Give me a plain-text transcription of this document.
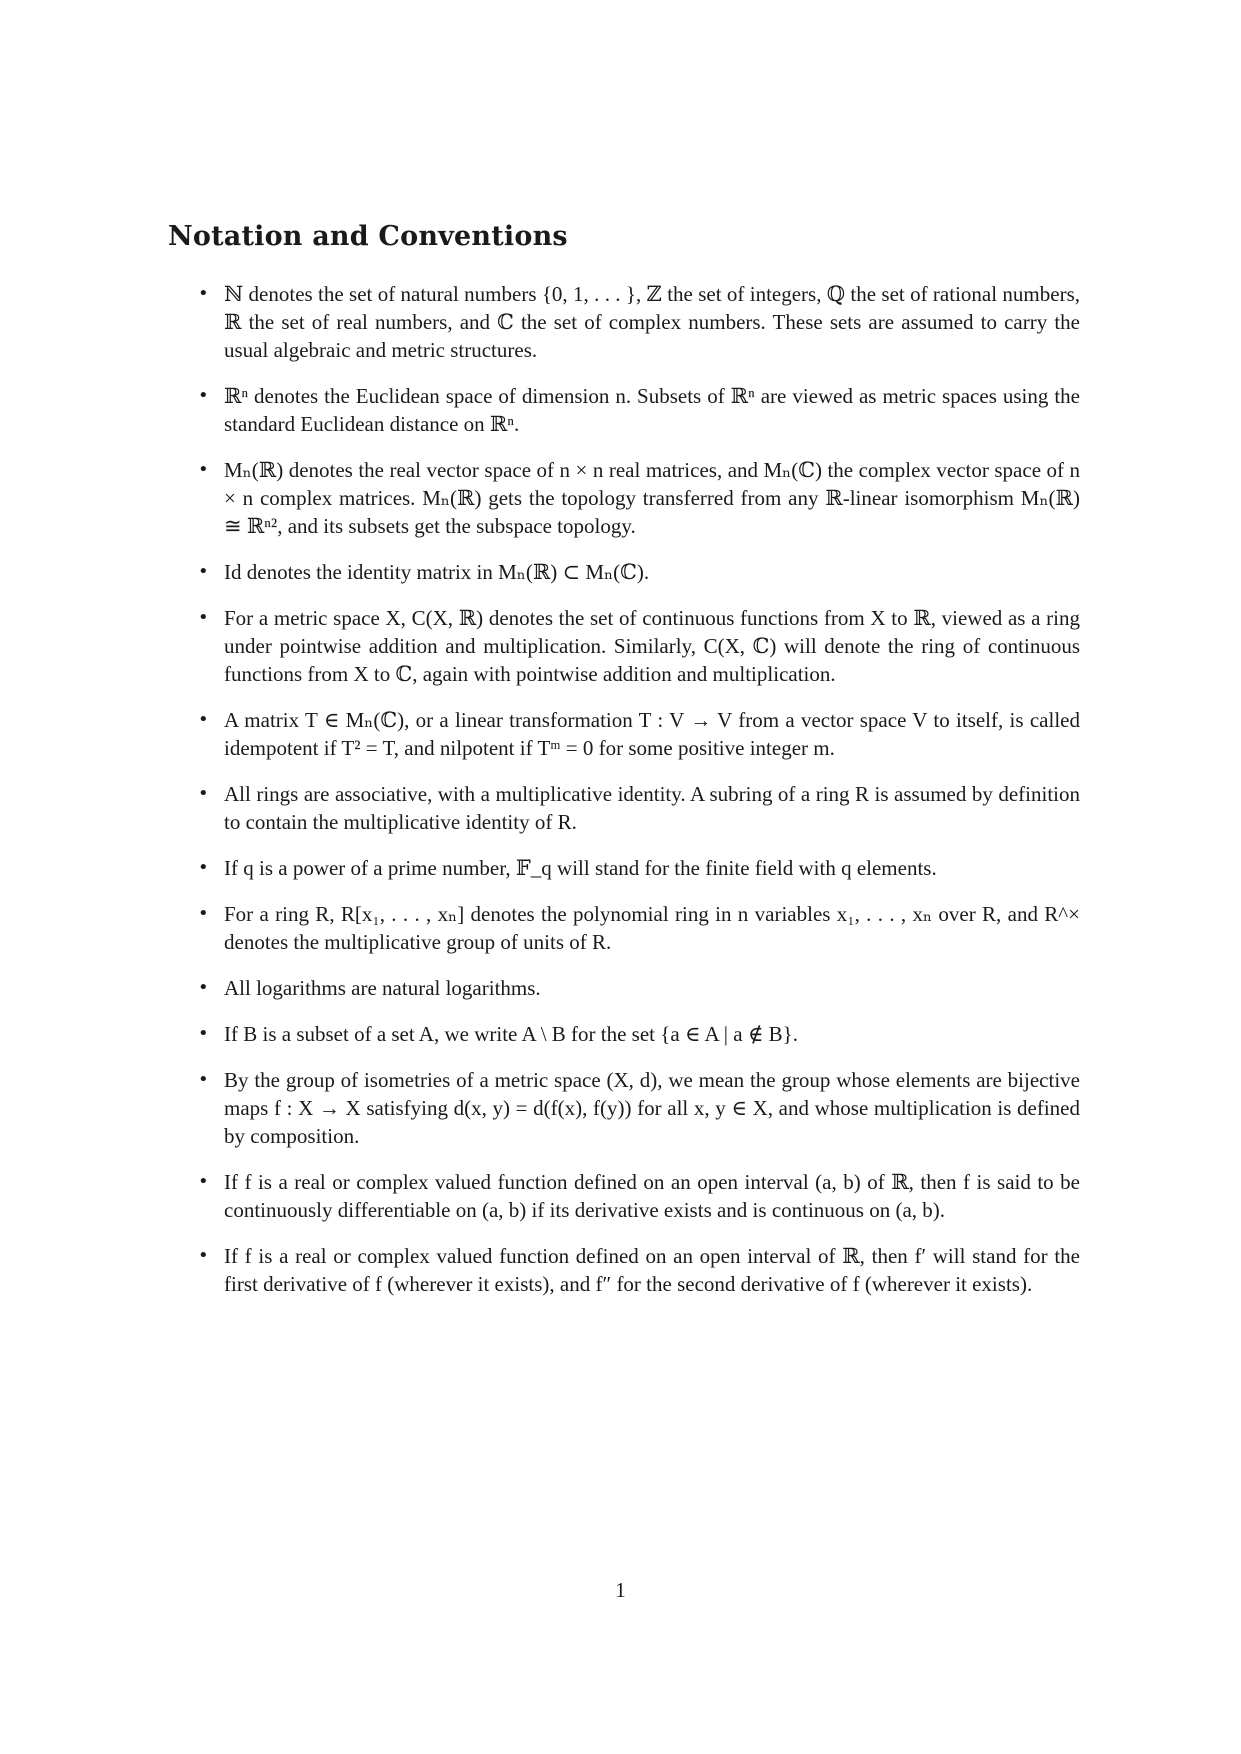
Notation and Conventions
• ℕ denotes the set of natural numbers {0, 1, . . . }, ℤ the set of integers, ℚ the set of rational numbers, ℝ the set of real numbers, and ℂ the set of complex numbers. These sets are assumed to carry the usual algebraic and metric structures.
• ℝⁿ denotes the Euclidean space of dimension n. Subsets of ℝⁿ are viewed as metric spaces using the standard Euclidean distance on ℝⁿ.
• Mₙ(ℝ) denotes the real vector space of n × n real matrices, and Mₙ(ℂ) the complex vector space of n × n complex matrices. Mₙ(ℝ) gets the topology transferred from any ℝ-linear isomorphism Mₙ(ℝ) ≅ ℝⁿ², and its subsets get the subspace topology.
• Id denotes the identity matrix in Mₙ(ℝ) ⊂ Mₙ(ℂ).
• For a metric space X, C(X, ℝ) denotes the set of continuous functions from X to ℝ, viewed as a ring under pointwise addition and multiplication. Similarly, C(X, ℂ) will denote the ring of continuous functions from X to ℂ, again with pointwise addition and multiplication.
• A matrix T ∈ Mₙ(ℂ), or a linear transformation T : V → V from a vector space V to itself, is called idempotent if T² = T, and nilpotent if Tᵐ = 0 for some positive integer m.
• All rings are associative, with a multiplicative identity. A subring of a ring R is assumed by definition to contain the multiplicative identity of R.
• If q is a power of a prime number, 𝔽_q will stand for the finite field with q elements.
• For a ring R, R[x₁, . . . , xₙ] denotes the polynomial ring in n variables x₁, . . . , xₙ over R, and R^× denotes the multiplicative group of units of R.
• All logarithms are natural logarithms.
• If B is a subset of a set A, we write A \ B for the set {a ∈ A | a ∉ B}.
• By the group of isometries of a metric space (X, d), we mean the group whose elements are bijective maps f : X → X satisfying d(x, y) = d(f(x), f(y)) for all x, y ∈ X, and whose multiplication is defined by composition.
• If f is a real or complex valued function defined on an open interval (a, b) of ℝ, then f is said to be continuously differentiable on (a, b) if its derivative exists and is continuous on (a, b).
• If f is a real or complex valued function defined on an open interval of ℝ, then f′ will stand for the first derivative of f (wherever it exists), and f″ for the second derivative of f (wherever it exists).
1
